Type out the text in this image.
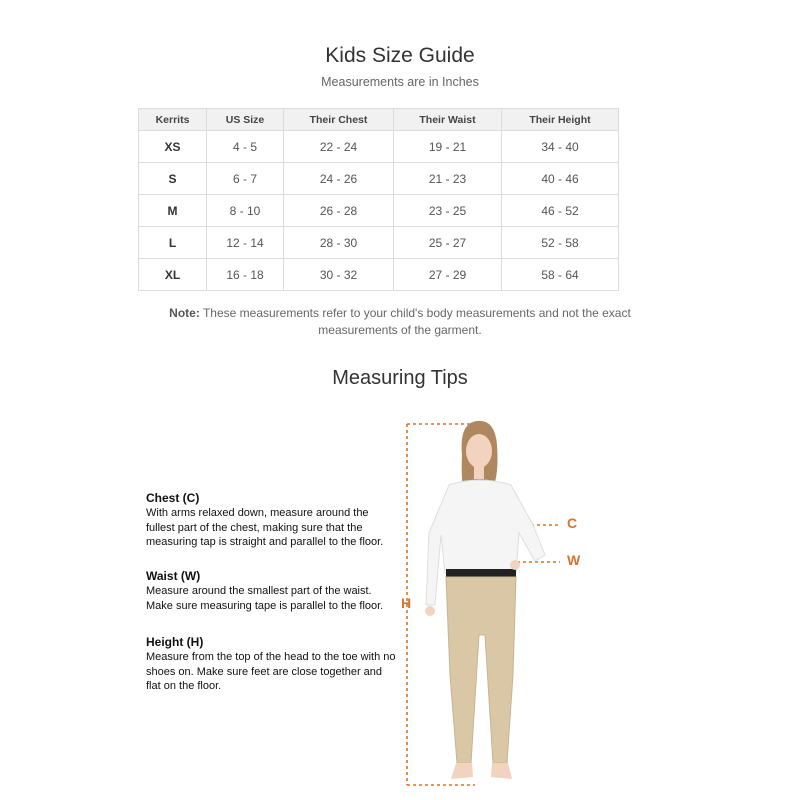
Kids Size Guide
Measurements are in Inches
Kerrits	US Size	Their Chest	Their Waist	Their Height
XS	4 - 5	22 - 24	19 - 21	34 - 40
S	6 - 7	24 - 26	21 - 23	40 - 46
M	8 - 10	26 - 28	23 - 25	46 - 52
L	12 - 14	28 - 30	25 - 27	52 - 58
XL	16 - 18	30 - 32	27 - 29	58 - 64
Note: These measurements refer to your child's body measurements and not the exact measurements of the garment.
Measuring Tips
Chest (C)
With arms relaxed down, measure around the fullest part of the chest, making sure that the measuring tap is straight and parallel to the floor.
Waist (W)
Measure around the smallest part of the waist. Make sure measuring tape is parallel to the floor.
Height (H)
Measure from the top of the head to the toe with no shoes on. Make sure feet are close together and flat on the floor.
C
W
H
